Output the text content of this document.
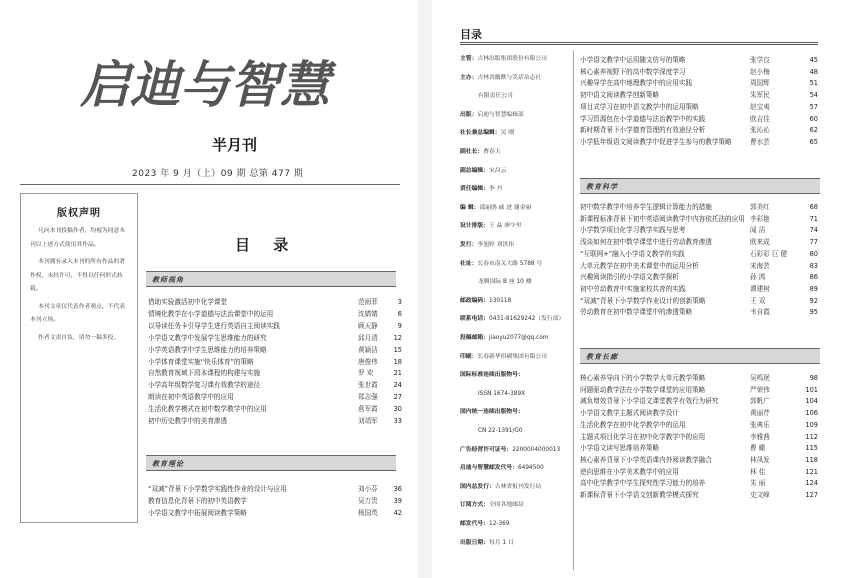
启迪与智慧
半月刊
2023 年 9 月（上）09 期 总第 477 期
版权声明
凡向本刊投稿作者，均视为同意本刊以上述方式使用其作品。
本刊拥有录入本刊的所有作品的著作权，未经许可，不得以任何形式转载。
本刊文章仅代表作者观点，不代表本刊立场。
作者文责自负，请勿一稿多投。
目 录
教师视角
借助实验激活初中化学课堂	范雨菲	3
情境化教学在小学道德与法治课堂中的运用	沈婧婧	6
以导读任务卡引导学生进行英语自主阅读实践	顾天静	9
小学语文教学中发展学生思维能力的研究	邱月清	12
小学英语教学中学生思维能力的培养策略	黄颖洁	15
小学体育课堂实施“快乐体育”的策略	唐俊伟	18
自然教育视域下园本课程的构建与实施	罗 欢	21
小学高年级数学复习课有效教学的途径	张世霞	24
朗读在初中英语教学中的应用	郑志强	27
生活化教学模式在初中数学教学中的应用	燕军霞	30
初中历史教学中的美育渗透	刘靖军	33
教育理论
“双减”背景下小学数学实践性作业的设计与应用	刘小芬	36
教育信息化背景下的初中英语教学	吴万贵	39
小学语文教学中拓展阅读教学策略	杨国英	42
目录
主管：吉林出版集团股份有限公司
主办：吉林省幽默与笑话杂志社
有限责任公司
出版：启迪与智慧编辑部
社长兼总编辑：吴 刚
副社长：曹春天
副总编辑：宋昌云
责任编辑：李 丹
编 辑：邵丽鹃 戚 进 谢金丽
设计排版：王 晶 廖少里
发行：李旭婷 刘洪伟
社址：长春市南关大路 5788 号
龙腾国际 B 座 10 楼
邮政编码：130118
联系电话：0431-81629242（发行部）
投稿邮箱：jiaoyu2077@qq.com
印刷：长春新华印刷集团有限公司
国际标准连续出版物号：
ISSN 1674-389X
国内统一连续出版物号：
CN 22-1391/G0
广告经营许可证号：2200004000013
启迪与智慧邮发代号：6494500
国内总发行：吉林省报刊发行局
订阅方式：全国各地邮局
邮发代号：12-369
出版日期：每月 1 日
小学语文教学中运用随文仿写的策略	张学良	45
核心素养视野下的高中数学深度学习	赵小梅	48
兴趣导学在高中地理教学中的应用实践	周国辉	51
初中语文阅读教学创新策略	朱军民	54
项目式学习在初中语文教学中的运用策略	赵宝夷	57
学习资源包在小学道德与法治教学中的实践	欧吉佳	60
新时期背景下小学德育管理的有效途径分析	张沁沁	62
小学低年级语文阅读教学中促进学生参与的教学策略	曹水芸	65
教育科学
初中数学教学中培养学生逻辑计算能力的措施	郭美红	68
新课程标准背景下初中英语阅读教学中内容依托法的应用 李彩艳	71
小学数学项目化学习教学实践与思考	闻 洁	74
浅谈如何在初中数学课堂中进行劳动教育渗透	欧来成	77
“互联网+”融入小学语文教学的实践	石彩彩 巨 健	80
大单元教学在初中美术课堂中的运用分析	宋海芸	83
兴趣阅读指引的小学语文教学探析	孙 鸿	86
初中劳动教育中实施家校共育的实践	谭建树	89
“双减”背景下小学数学作业设计的创新策略	王 双	92
劳动教育在初中数学课堂中的渗透策略	韦自霞	95
教育长廊
核心素养导向下的小学数学大单元教学策略	吴鸣珉	98
问题驱动教学法在小学数学课堂的应用策略	严荣伟	101
减负增效背景下小学语文课堂教学有效行为研究	郭帆广	104
小学语文教学主题式阅读教学设计	黄丽芹	106
生活化教学在初中化学教学中的运用	张典乐	109
主题式项目化学习在初中化学教学中的应用	李雅茜	112
小学语文读写思维培养策略	曹 瞰	115
核心素养背景下小学英语课内外阅读教学融合	林凤发	118
逆向思维在小学美术教学中的应用	林 佳	121
高中化学教学中学生探究性学习能力的培养	朱 丽	124
新课标背景下小学语文创新教学模式探究	史文峰	127
